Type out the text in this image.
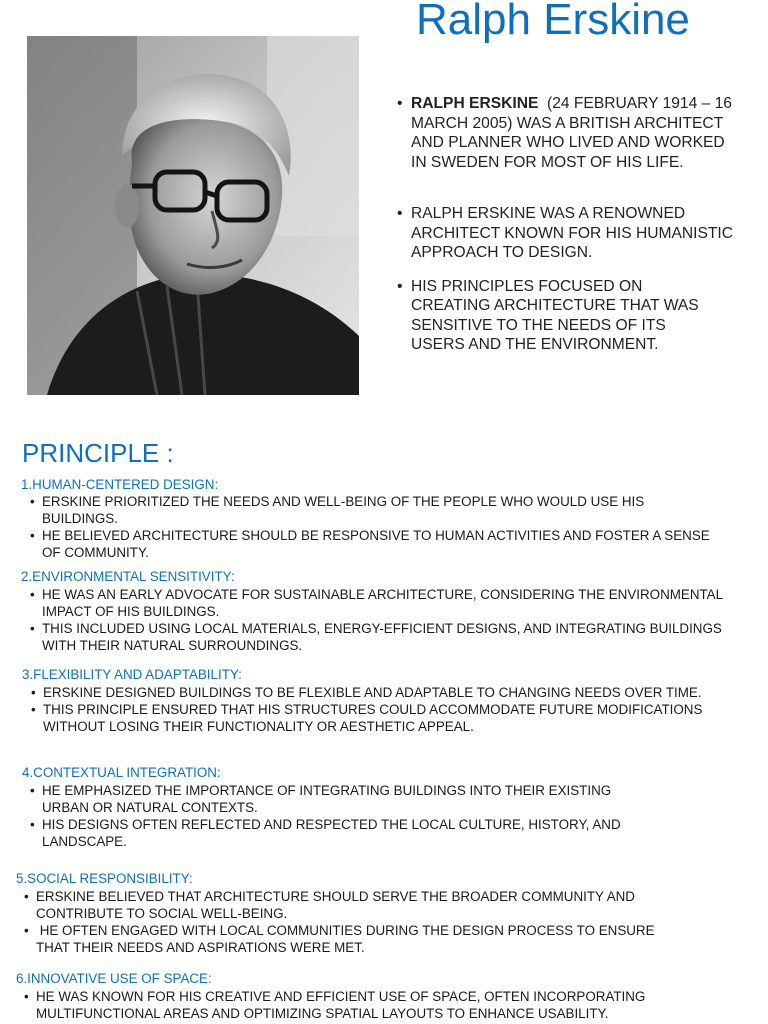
Ralph Erskine
• RALPH ERSKINE  (24 FEBRUARY 1914 – 16
MARCH 2005) WAS A BRITISH ARCHITECT
AND PLANNER WHO LIVED AND WORKED
IN SWEDEN FOR MOST OF HIS LIFE.
• RALPH ERSKINE WAS A RENOWNED
ARCHITECT KNOWN FOR HIS HUMANISTIC
APPROACH TO DESIGN.
• HIS PRINCIPLES FOCUSED ON
CREATING ARCHITECTURE THAT WAS
SENSITIVE TO THE NEEDS OF ITS
USERS AND THE ENVIRONMENT.
PRINCIPLE :
1.HUMAN-CENTERED DESIGN:
• ERSKINE PRIORITIZED THE NEEDS AND WELL-BEING OF THE PEOPLE WHO WOULD USE HIS
BUILDINGS.
• HE BELIEVED ARCHITECTURE SHOULD BE RESPONSIVE TO HUMAN ACTIVITIES AND FOSTER A SENSE
OF COMMUNITY.
2.ENVIRONMENTAL SENSITIVITY:
• HE WAS AN EARLY ADVOCATE FOR SUSTAINABLE ARCHITECTURE, CONSIDERING THE ENVIRONMENTAL
IMPACT OF HIS BUILDINGS.
• THIS INCLUDED USING LOCAL MATERIALS, ENERGY-EFFICIENT DESIGNS, AND INTEGRATING BUILDINGS
WITH THEIR NATURAL SURROUNDINGS.
3.FLEXIBILITY AND ADAPTABILITY:
• ERSKINE DESIGNED BUILDINGS TO BE FLEXIBLE AND ADAPTABLE TO CHANGING NEEDS OVER TIME.
• THIS PRINCIPLE ENSURED THAT HIS STRUCTURES COULD ACCOMMODATE FUTURE MODIFICATIONS
WITHOUT LOSING THEIR FUNCTIONALITY OR AESTHETIC APPEAL.
4.CONTEXTUAL INTEGRATION:
• HE EMPHASIZED THE IMPORTANCE OF INTEGRATING BUILDINGS INTO THEIR EXISTING
URBAN OR NATURAL CONTEXTS.
• HIS DESIGNS OFTEN REFLECTED AND RESPECTED THE LOCAL CULTURE, HISTORY, AND
LANDSCAPE.
5.SOCIAL RESPONSIBILITY:
• ERSKINE BELIEVED THAT ARCHITECTURE SHOULD SERVE THE BROADER COMMUNITY AND
CONTRIBUTE TO SOCIAL WELL-BEING.
•  HE OFTEN ENGAGED WITH LOCAL COMMUNITIES DURING THE DESIGN PROCESS TO ENSURE
THAT THEIR NEEDS AND ASPIRATIONS WERE MET.
6.INNOVATIVE USE OF SPACE:
• HE WAS KNOWN FOR HIS CREATIVE AND EFFICIENT USE OF SPACE, OFTEN INCORPORATING
MULTIFUNCTIONAL AREAS AND OPTIMIZING SPATIAL LAYOUTS TO ENHANCE USABILITY.
